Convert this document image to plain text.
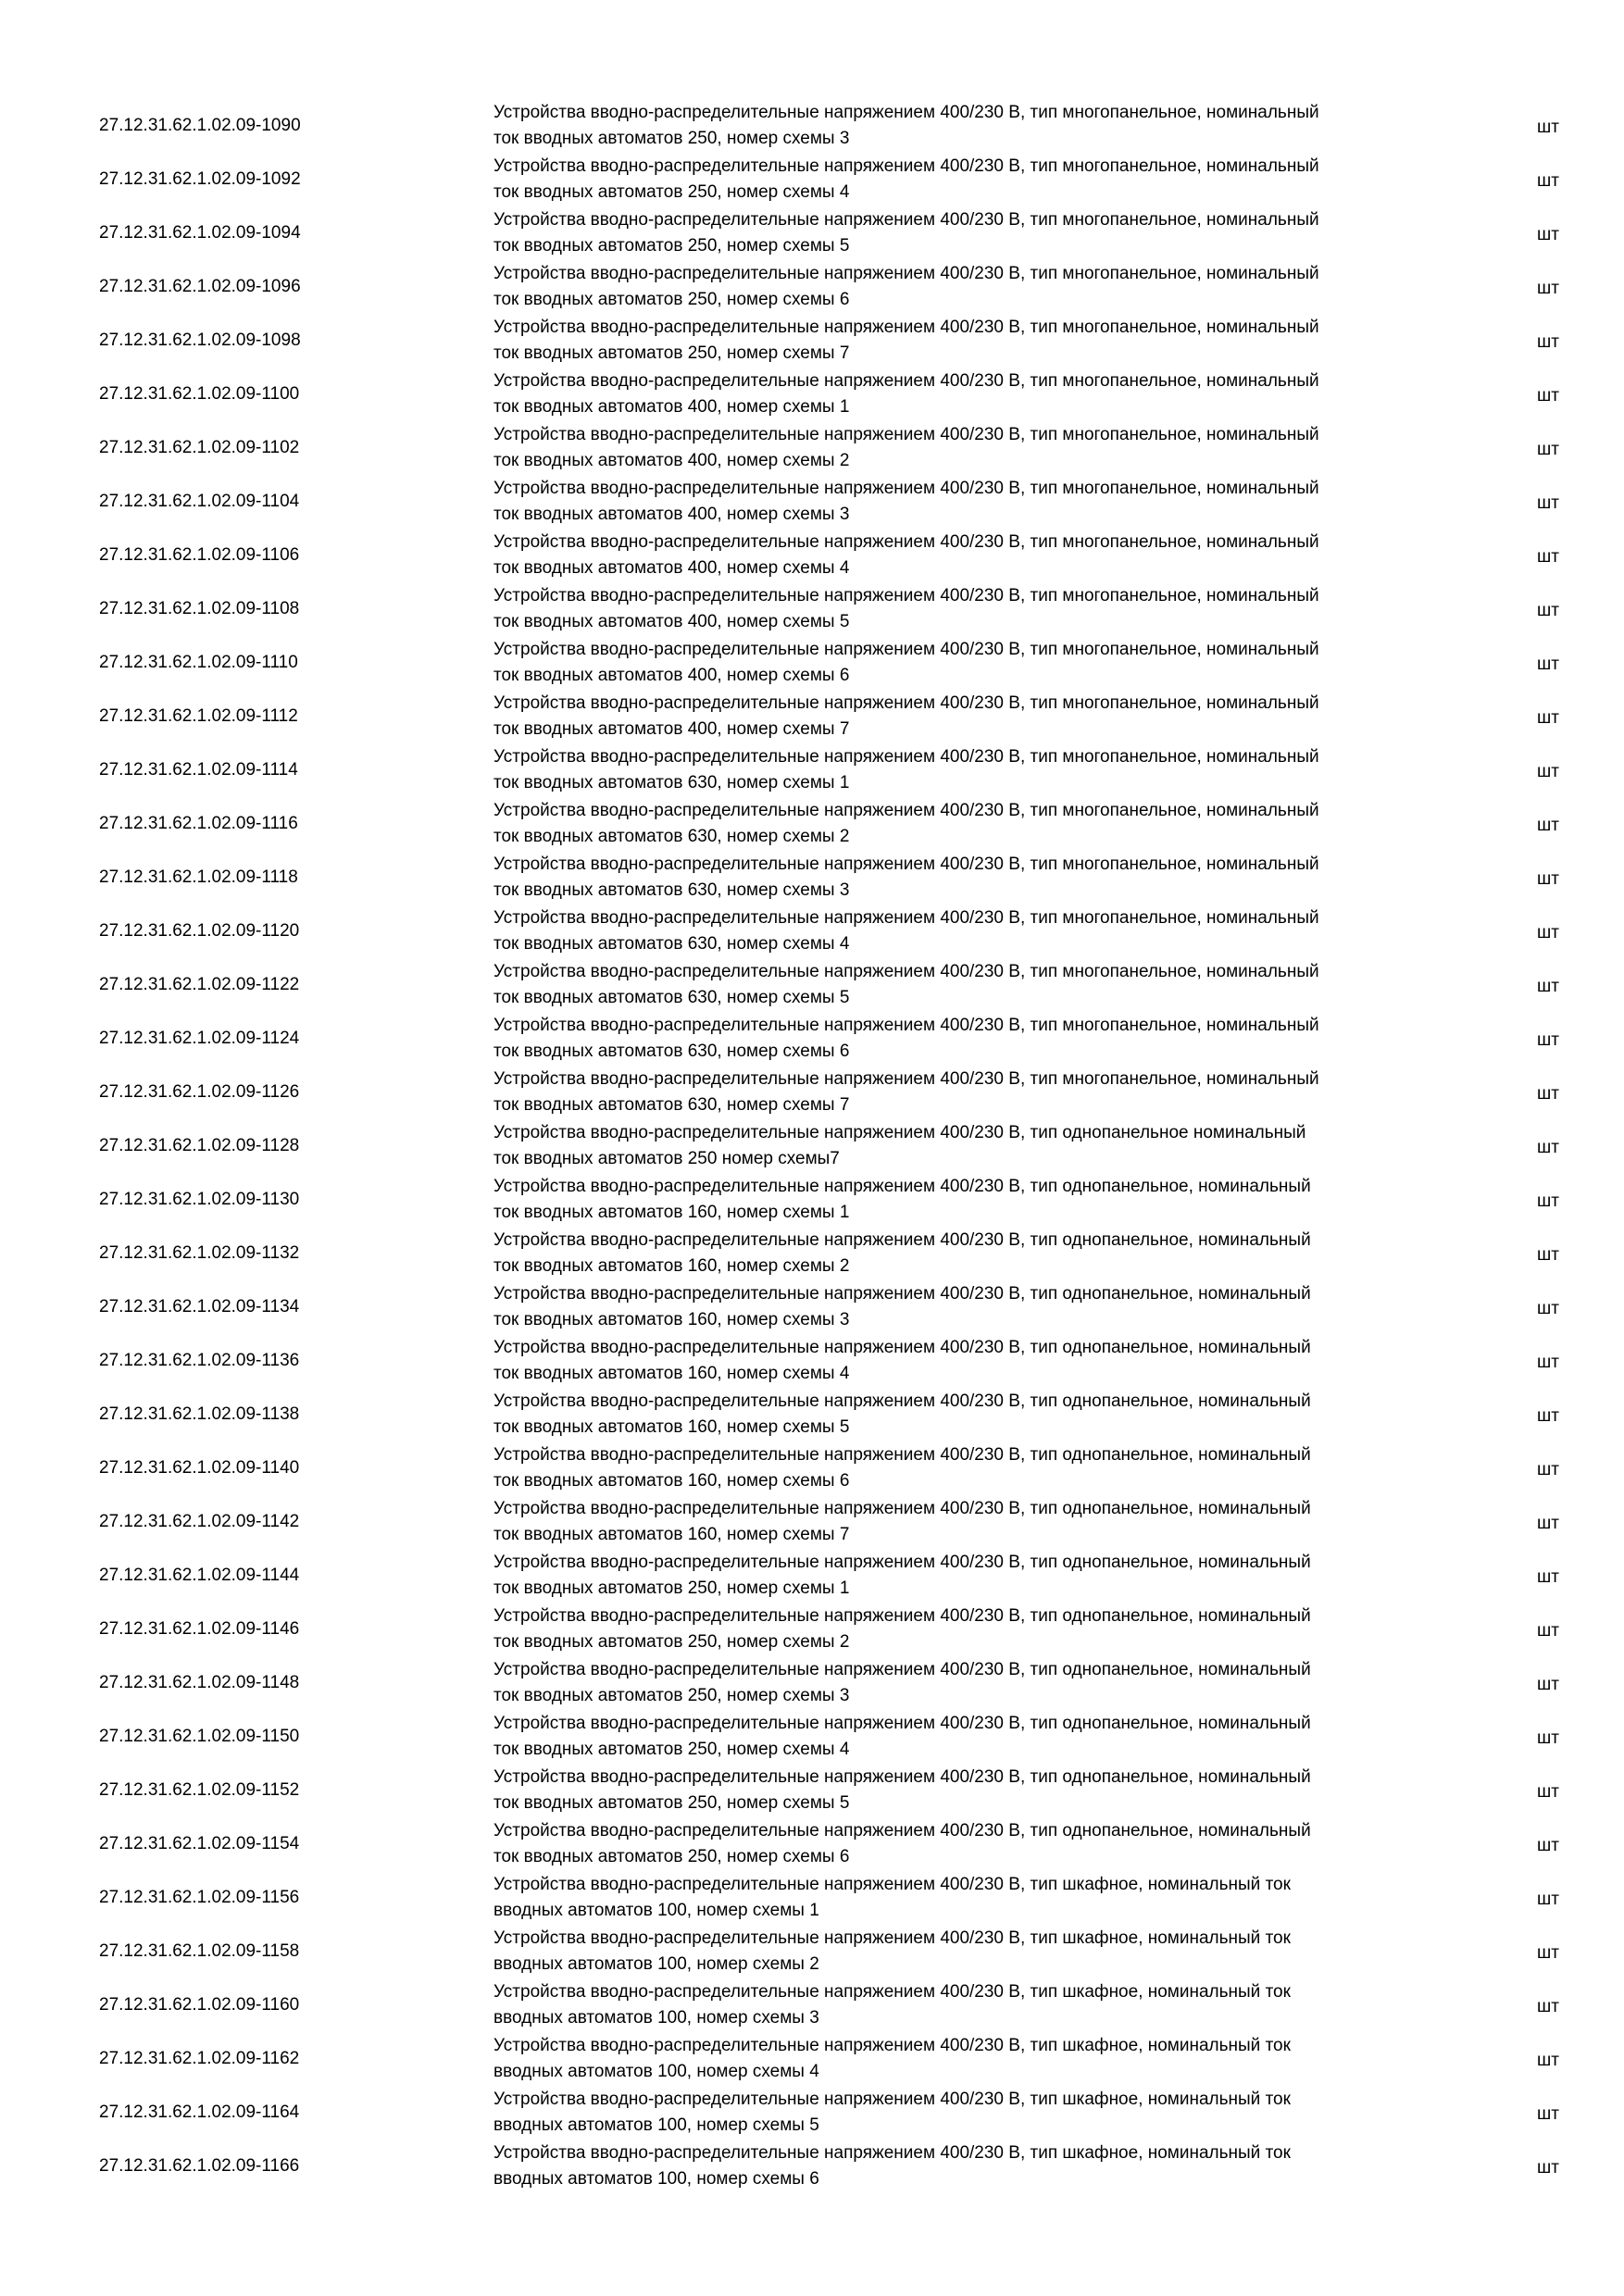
27.12.31.62.1.02.09-1090
Устройства вводно-распределительные напряжением 400/230 В, тип многопанельное, номинальный
ток вводных автоматов 250, номер схемы 3
шт
27.12.31.62.1.02.09-1092
Устройства вводно-распределительные напряжением 400/230 В, тип многопанельное, номинальный
ток вводных автоматов 250, номер схемы 4
шт
27.12.31.62.1.02.09-1094
Устройства вводно-распределительные напряжением 400/230 В, тип многопанельное, номинальный
ток вводных автоматов 250, номер схемы 5
шт
27.12.31.62.1.02.09-1096
Устройства вводно-распределительные напряжением 400/230 В, тип многопанельное, номинальный
ток вводных автоматов 250, номер схемы 6
шт
27.12.31.62.1.02.09-1098
Устройства вводно-распределительные напряжением 400/230 В, тип многопанельное, номинальный
ток вводных автоматов 250, номер схемы 7
шт
27.12.31.62.1.02.09-1100
Устройства вводно-распределительные напряжением 400/230 В, тип многопанельное, номинальный
ток вводных автоматов 400, номер схемы 1
шт
27.12.31.62.1.02.09-1102
Устройства вводно-распределительные напряжением 400/230 В, тип многопанельное, номинальный
ток вводных автоматов 400, номер схемы 2
шт
27.12.31.62.1.02.09-1104
Устройства вводно-распределительные напряжением 400/230 В, тип многопанельное, номинальный
ток вводных автоматов 400, номер схемы 3
шт
27.12.31.62.1.02.09-1106
Устройства вводно-распределительные напряжением 400/230 В, тип многопанельное, номинальный
ток вводных автоматов 400, номер схемы 4
шт
27.12.31.62.1.02.09-1108
Устройства вводно-распределительные напряжением 400/230 В, тип многопанельное, номинальный
ток вводных автоматов 400, номер схемы 5
шт
27.12.31.62.1.02.09-1110
Устройства вводно-распределительные напряжением 400/230 В, тип многопанельное, номинальный
ток вводных автоматов 400, номер схемы 6
шт
27.12.31.62.1.02.09-1112
Устройства вводно-распределительные напряжением 400/230 В, тип многопанельное, номинальный
ток вводных автоматов 400, номер схемы 7
шт
27.12.31.62.1.02.09-1114
Устройства вводно-распределительные напряжением 400/230 В, тип многопанельное, номинальный
ток вводных автоматов 630, номер схемы 1
шт
27.12.31.62.1.02.09-1116
Устройства вводно-распределительные напряжением 400/230 В, тип многопанельное, номинальный
ток вводных автоматов 630, номер схемы 2
шт
27.12.31.62.1.02.09-1118
Устройства вводно-распределительные напряжением 400/230 В, тип многопанельное, номинальный
ток вводных автоматов 630, номер схемы 3
шт
27.12.31.62.1.02.09-1120
Устройства вводно-распределительные напряжением 400/230 В, тип многопанельное, номинальный
ток вводных автоматов 630, номер схемы 4
шт
27.12.31.62.1.02.09-1122
Устройства вводно-распределительные напряжением 400/230 В, тип многопанельное, номинальный
ток вводных автоматов 630, номер схемы 5
шт
27.12.31.62.1.02.09-1124
Устройства вводно-распределительные напряжением 400/230 В, тип многопанельное, номинальный
ток вводных автоматов 630, номер схемы 6
шт
27.12.31.62.1.02.09-1126
Устройства вводно-распределительные напряжением 400/230 В, тип многопанельное, номинальный
ток вводных автоматов 630, номер схемы 7
шт
27.12.31.62.1.02.09-1128
Устройства вводно-распределительные напряжением 400/230 В, тип однопанельное номинальный
ток вводных автоматов 250 номер схемы7
шт
27.12.31.62.1.02.09-1130
Устройства вводно-распределительные напряжением 400/230 В, тип однопанельное, номинальный
ток вводных автоматов 160, номер схемы 1
шт
27.12.31.62.1.02.09-1132
Устройства вводно-распределительные напряжением 400/230 В, тип однопанельное, номинальный
ток вводных автоматов 160, номер схемы 2
шт
27.12.31.62.1.02.09-1134
Устройства вводно-распределительные напряжением 400/230 В, тип однопанельное, номинальный
ток вводных автоматов 160, номер схемы 3
шт
27.12.31.62.1.02.09-1136
Устройства вводно-распределительные напряжением 400/230 В, тип однопанельное, номинальный
ток вводных автоматов 160, номер схемы 4
шт
27.12.31.62.1.02.09-1138
Устройства вводно-распределительные напряжением 400/230 В, тип однопанельное, номинальный
ток вводных автоматов 160, номер схемы 5
шт
27.12.31.62.1.02.09-1140
Устройства вводно-распределительные напряжением 400/230 В, тип однопанельное, номинальный
ток вводных автоматов 160, номер схемы 6
шт
27.12.31.62.1.02.09-1142
Устройства вводно-распределительные напряжением 400/230 В, тип однопанельное, номинальный
ток вводных автоматов 160, номер схемы 7
шт
27.12.31.62.1.02.09-1144
Устройства вводно-распределительные напряжением 400/230 В, тип однопанельное, номинальный
ток вводных автоматов 250, номер схемы 1
шт
27.12.31.62.1.02.09-1146
Устройства вводно-распределительные напряжением 400/230 В, тип однопанельное, номинальный
ток вводных автоматов 250, номер схемы 2
шт
27.12.31.62.1.02.09-1148
Устройства вводно-распределительные напряжением 400/230 В, тип однопанельное, номинальный
ток вводных автоматов 250, номер схемы 3
шт
27.12.31.62.1.02.09-1150
Устройства вводно-распределительные напряжением 400/230 В, тип однопанельное, номинальный
ток вводных автоматов 250, номер схемы 4
шт
27.12.31.62.1.02.09-1152
Устройства вводно-распределительные напряжением 400/230 В, тип однопанельное, номинальный
ток вводных автоматов 250, номер схемы 5
шт
27.12.31.62.1.02.09-1154
Устройства вводно-распределительные напряжением 400/230 В, тип однопанельное, номинальный
ток вводных автоматов 250, номер схемы 6
шт
27.12.31.62.1.02.09-1156
Устройства вводно-распределительные напряжением 400/230 В, тип шкафное, номинальный ток
вводных автоматов 100, номер схемы 1
шт
27.12.31.62.1.02.09-1158
Устройства вводно-распределительные напряжением 400/230 В, тип шкафное, номинальный ток
вводных автоматов 100, номер схемы 2
шт
27.12.31.62.1.02.09-1160
Устройства вводно-распределительные напряжением 400/230 В, тип шкафное, номинальный ток
вводных автоматов 100, номер схемы 3
шт
27.12.31.62.1.02.09-1162
Устройства вводно-распределительные напряжением 400/230 В, тип шкафное, номинальный ток
вводных автоматов 100, номер схемы 4
шт
27.12.31.62.1.02.09-1164
Устройства вводно-распределительные напряжением 400/230 В, тип шкафное, номинальный ток
вводных автоматов 100, номер схемы 5
шт
27.12.31.62.1.02.09-1166
Устройства вводно-распределительные напряжением 400/230 В, тип шкафное, номинальный ток
вводных автоматов 100, номер схемы 6
шт
